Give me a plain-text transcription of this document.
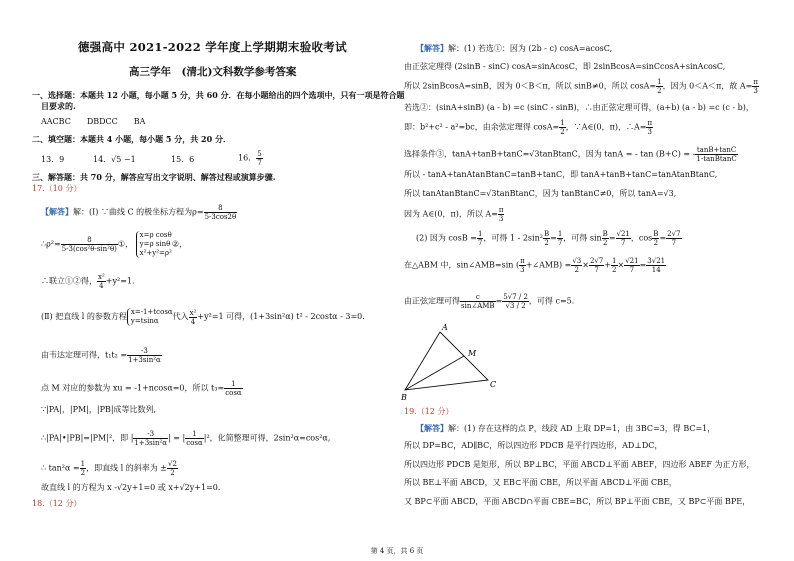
德强高中 2021-2022 学年度上学期期末验收考试
高三学年　(清北)文科数学参考答案
一、选择题：本题共 12 小题，每小题 5 分，共 60 分．在每小题给出的四个选项中，只有一项是符合题
目要求的.
AACBC　　DBDCC　　BA
二、填空题：本题共 4 小题，每小题 5 分，共 20 分．
13．9	14．√5 −1	15．6	16． $\frac{5}{7}$
三、解答题：共 70 分，解答应写出文字说明、解答过程或演算步骤.
17.（10 分）
【解答】解：(Ⅰ) ∵曲线 C 的极坐标方程为$\rho= \frac{8}{5-3\cos 2\theta}$
∴ρ²= $\frac{8}{\text{5-3(cos²θ-sin²θ)}}$ ①，
x=ρ cosθ
y=ρ sinθ
x²+y²=ρ²
②，
∴联立①②得， $\frac{\text{x²}}{4} +y^2=1$.
(Ⅱ) 把直线 l 的参数方程 x=-1+tcosα
y=tsinα	代入 $\frac{\text{x²}}{4} +y^2=1$ 可得，(1+3sin²α) t² - 2costα - 3=0.
由韦达定理可得，$t_1t_2 = \frac{-3}{\text{1+3sin²α}}$
点 M 对应的参数为 xu = -1+ncosα=0，所以 $t_3= \frac{1}{\cos\alpha}$
∵|PA|，|PM|，|PB|成等比数列,
∴|PA|•|PB|=|PM|²，即 | $\frac{-3}{\text{1+3sin²α}}$ | = | $\frac{1}{\cos\alpha} |^2$，化简整理可得，2sin²α=cos²α,
∴ $\tan^2\alpha = \frac{1}{2}$ ，即直线 l 的斜率为 ± $\frac{√2}{2}$
故直线 l 的方程为 x -√2y+1=0 或 x+√2y+1=0.
18.（12 分）
【解答】解：(1) 若选①：因为 (2b - c) cosA=acosC,
由正弦定理得 (2sinB - sinC) cosA=sinAcosC，即 2sinBcosA=sinCcosA+sinAcosC,
所以 2sinBcosA=sinB，因为 0＜B＜π，所以 sinB≠0，所以 $\cos A= \frac{1}{2}$ ，因为 0＜A＜π，故 $A= \frac{\pi}{3}$
若选②：(sinA+sinB) (a - b) =c (sinC - sinB)，∴由正弦定理可得，(a+b) (a - b) =c (c - b)，
即：b²+c² - a²=bc，由余弦定理得 $\cos A= \frac{1}{2}$ ，∵A∈(0，π)，∴A= $\frac{\pi}{3}$
选择条件③，tanA+tanB+tanC=√3tanBtanC，因为 tanA = - tan (B+C) = - $\frac{\tan B+\tan C}{\text{1-tanBtanC}}$
所以 - tanA+tanAtanBtanC=tanB+tanC，即 tanA+tanB+tanC=tanAtanBtanC,
所以 tanAtanBtanC=√3tanBtanC，因为 tanBtanC≠0，所以 tanA=√3,
因为 A∈(0，π)，所以 $A= \frac{\pi}{3}$
(2) 因为 $\cos B = \frac{1}{7}$ ，可得 $1 - 2\sin^2 \frac{B}{2} = \frac{1}{7}$ ，可得 $\sin \frac{B}{2} = \frac{√21}{7}$ ，$\cos \frac{B}{2} = \frac{2√7}{7}$
在△ABM 中，sin∠AMB=sin ( $\frac{\pi}{3}$ +∠AMB) = $\frac{√3}{2} \times \frac{2√7}{7} + \frac{1}{2} \times \frac{√21}{7} = \frac{3√21}{14}$
由正弦定理可得 $\frac{c}{\text{sin∠AMB}} = \frac{5√7 / 2}{√3 / 2}$ ，可得 c=5.
A
M
B
C
19.（12 分）
【解答】解：(1) 存在这样的点 P，线段 AD 上取 DP=1，由 3BC=3，得 BC=1，
所以 DP=BC，AD∥BC，所以四边形 PDCB 是平行四边形，AD⊥DC，
所以四边形 PDCB 是矩形，所以 BP⊥BC，平面 ABCD⊥平面 ABEF，四边形 ABEF 为正方形，
所以 BE⊥平面 ABCD，又 EB⊂平面 CBE，所以平面 ABCD⊥平面 CBE，
又 BP⊂平面 ABCD，平面 ABCD∩平面 CBE=BC，所以 BP⊥平面 CBE，又 BP⊂平面 BPE，
第 4 页，共 6 页
